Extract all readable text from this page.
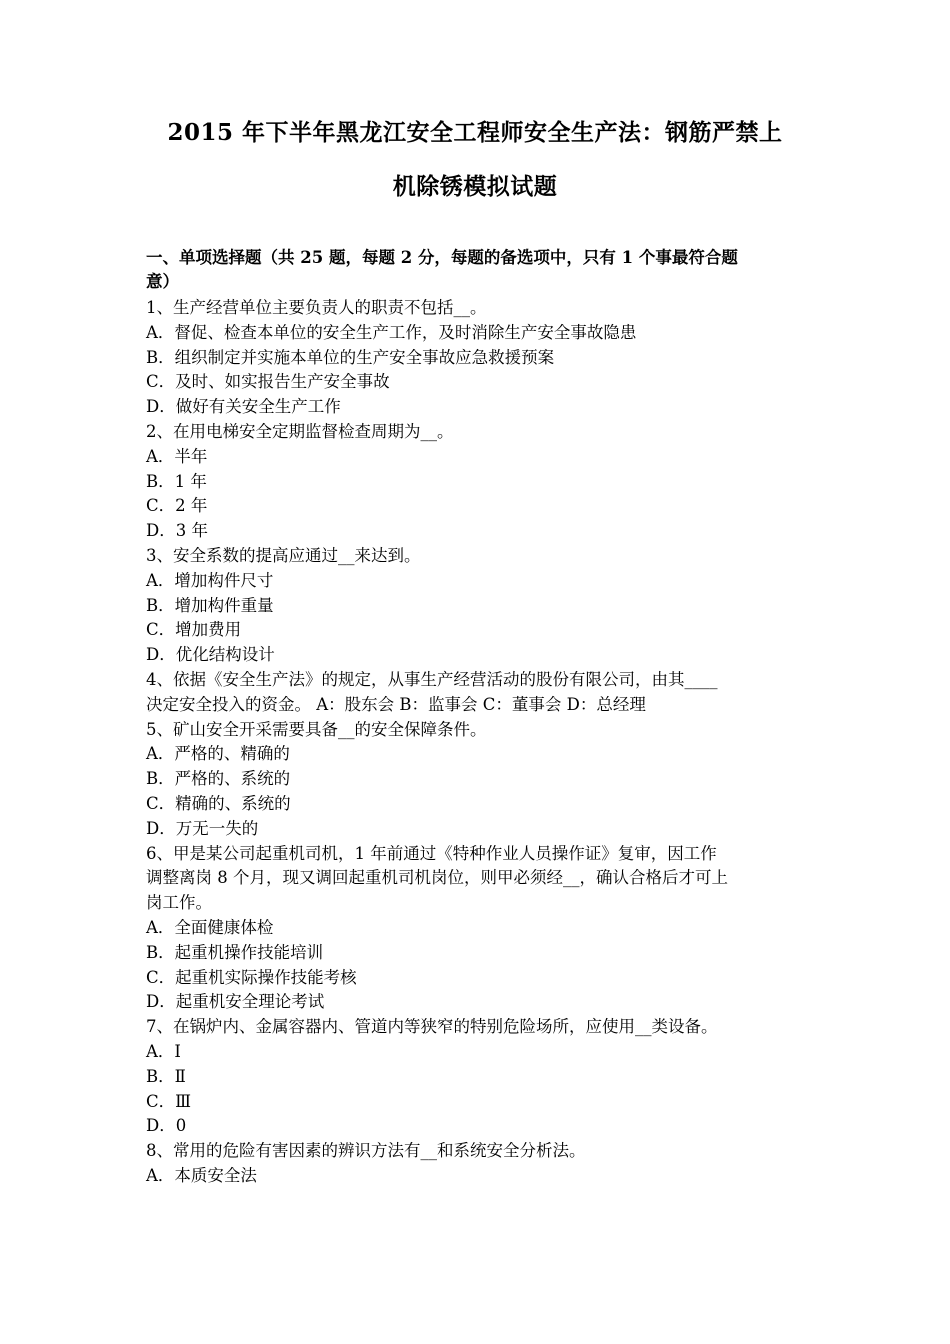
2015 年下半年黑龙江安全工程师安全生产法：钢筋严禁上
机除锈模拟试题
一、单项选择题（共 25 题，每题 2 分，每题的备选项中，只有 1 个事最符合题
意）
1、生产经营单位主要负责人的职责不包括__。
A．督促、检查本单位的安全生产工作，及时消除生产安全事故隐患
B．组织制定并实施本单位的生产安全事故应急救援预案
C．及时、如实报告生产安全事故
D．做好有关安全生产工作
2、在用电梯安全定期监督检查周期为__。
A．半年
B．1 年
C．2 年
D．3 年
3、安全系数的提高应通过__来达到。
A．增加构件尺寸
B．增加构件重量
C．增加费用
D．优化结构设计
4、依据《安全生产法》的规定，从事生产经营活动的股份有限公司，由其____
决定安全投入的资金。 A：股东会 B：监事会 C：董事会 D：总经理
5、矿山安全开采需要具备__的安全保障条件。
A．严格的、精确的
B．严格的、系统的
C．精确的、系统的
D．万无一失的
6、甲是某公司起重机司机，1 年前通过《特种作业人员操作证》复审，因工作
调整离岗 8 个月，现又调回起重机司机岗位，则甲必须经__，确认合格后才可上
岗工作。
A．全面健康体检
B．起重机操作技能培训
C．起重机实际操作技能考核
D．起重机安全理论考试
7、在锅炉内、金属容器内、管道内等狭窄的特别危险场所，应使用__类设备。
A．Ⅰ
B．Ⅱ
C．Ⅲ
D．0
8、常用的危险有害因素的辨识方法有__和系统安全分析法。
A．本质安全法
